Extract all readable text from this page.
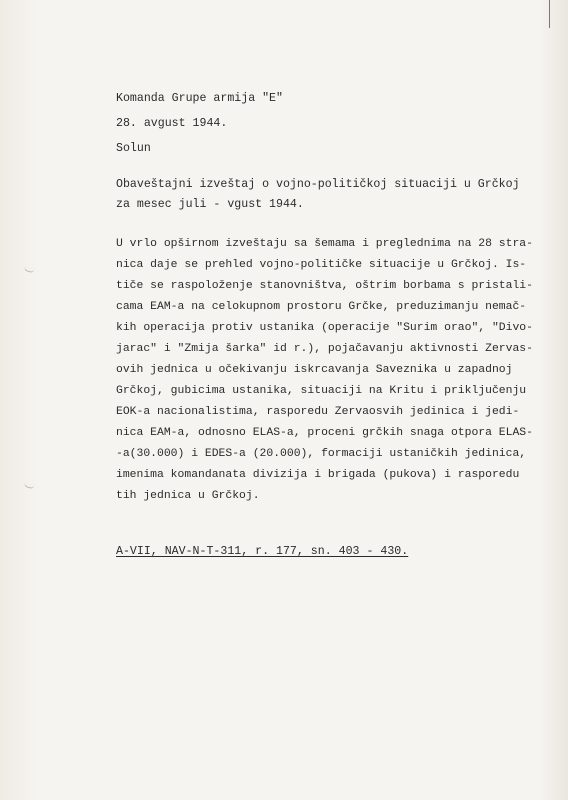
Komanda Grupe armija "E"
28. avgust 1944.
Solun
Obaveštajni izveštaj o vojno-političkoj situaciji u Grčkoj
za mesec juli - vgust 1944.
U vrlo opširnom izveštaju sa šemama i preglednima na 28 stra-
nica daje se prehled vojno-političke situacije u Grčkoj. Is-
tiče se raspoloženje stanovništva, oštrim borbama s pristali-
cama EAM-a na celokupnom prostoru Grčke, preduzimanju nemač-
kih operacija protiv ustanika (operacije "Surim orao", "Divo-
jarac" i "Zmija šarka" id r.), pojačavanju aktivnosti Zervas-
ovih jednica u očekivanju iskrcavanja Saveznika u zapadnoj
Grčkoj, gubicima ustanika, situaciji na Kritu i priključenju
EOK-a nacionalistima, rasporedu Zervaosvih jedinica i jedi-
nica EAM-a, odnosno ELAS-a, proceni grčkih snaga otpora ELAS-
-a(30.000) i EDES-a (20.000), formaciji ustaničkih jedinica,
imenima komandanata divizija i brigada (pukova) i rasporedu
tih jednica u Grčkoj.
A-VII, NAV-N-T-311, r. 177, sn. 403 - 430.
